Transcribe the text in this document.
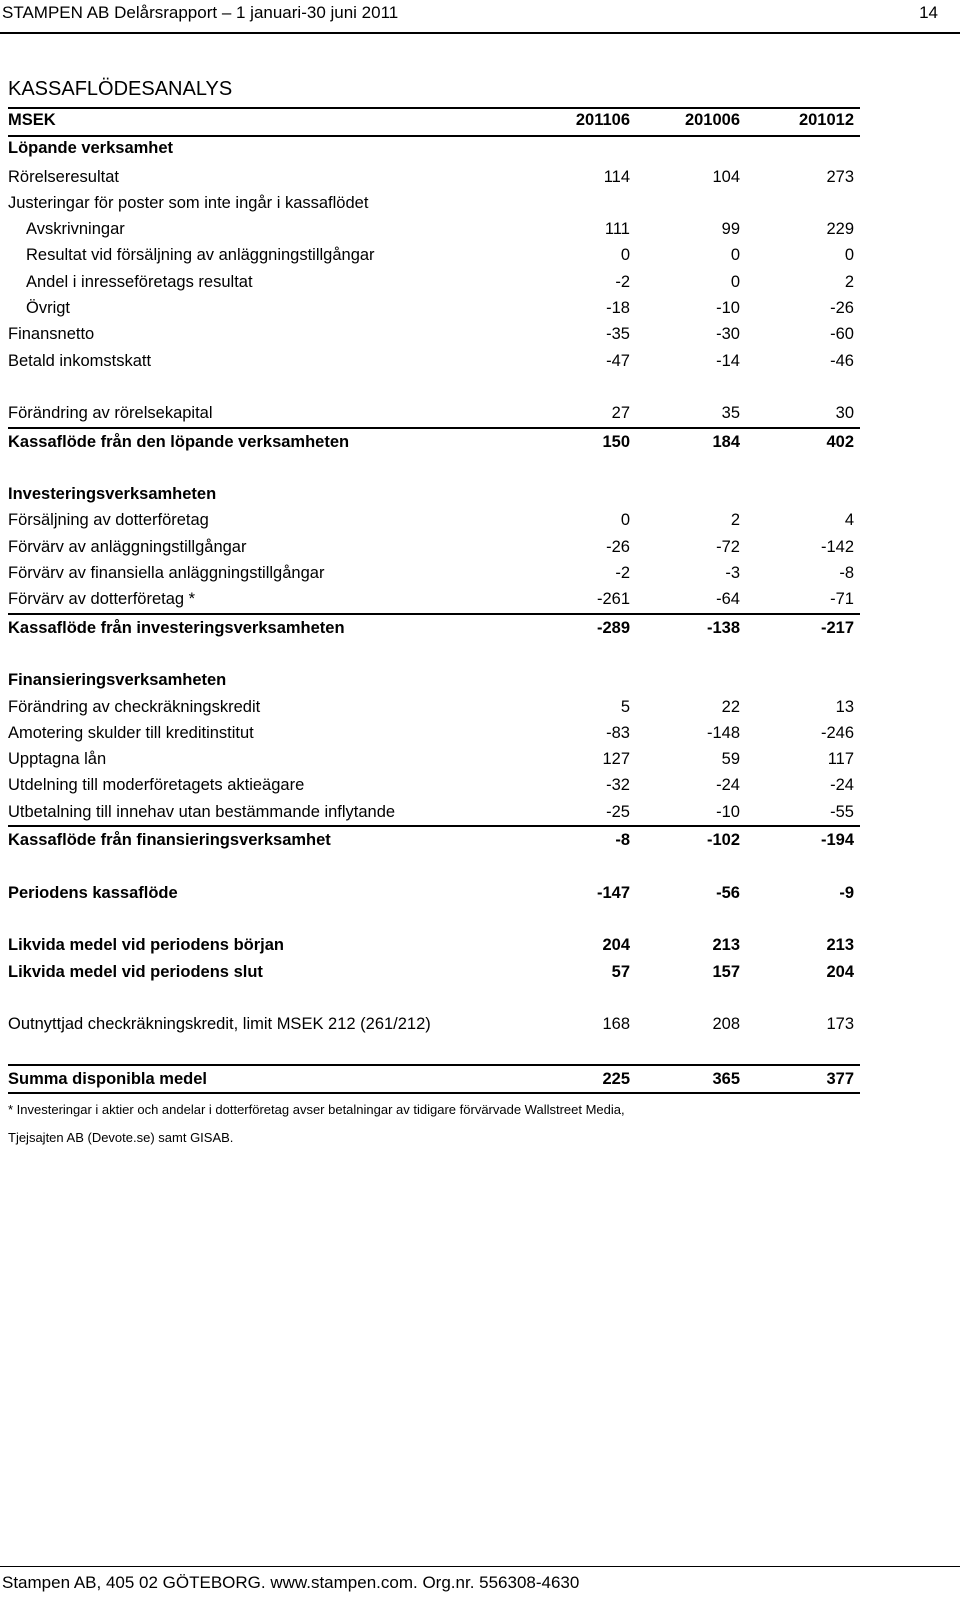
STAMPEN AB Delårsrapport – 1 januari-30 juni 2011	14
KASSAFLÖDESANALYS
MSEK	201106	201006	201012
Löpande verksamhet
Rörelseresultat	114	104	273
Justeringar för poster som inte ingår i kassaflödet
Avskrivningar	111	99	229
Resultat vid försäljning av anläggningstillgångar	0	0	0
Andel i inresseföretags resultat	-2	0	2
Övrigt	-18	-10	-26
Finansnetto	-35	-30	-60
Betald inkomstskatt	-47	-14	-46
Förändring av rörelsekapital	27	35	30
Kassaflöde från den löpande verksamheten	150	184	402
Investeringsverksamheten
Försäljning av dotterföretag	0	2	4
Förvärv av anläggningstillgångar	-26	-72	-142
Förvärv av finansiella anläggningstillgångar	-2	-3	-8
Förvärv av dotterföretag *	-261	-64	-71
Kassaflöde från investeringsverksamheten	-289	-138	-217
Finansieringsverksamheten
Förändring av checkräkningskredit	5	22	13
Amotering skulder till kreditinstitut	-83	-148	-246
Upptagna lån	127	59	117
Utdelning till moderföretagets aktieägare	-32	-24	-24
Utbetalning till innehav utan bestämmande inflytande	-25	-10	-55
Kassaflöde från finansieringsverksamhet	-8	-102	-194
Periodens kassaflöde	-147	-56	-9
Likvida medel vid periodens början	204	213	213
Likvida medel vid periodens slut	57	157	204
Outnyttjad checkräkningskredit, limit MSEK 212 (261/212)	168	208	173
Summa disponibla medel	225	365	377
* Investeringar i aktier och andelar i dotterföretag avser betalningar av tidigare förvärvade Wallstreet Media,
Tjejsajten AB (Devote.se) samt GISAB.
Stampen AB, 405 02 GÖTEBORG. www.stampen.com. Org.nr. 556308-4630
